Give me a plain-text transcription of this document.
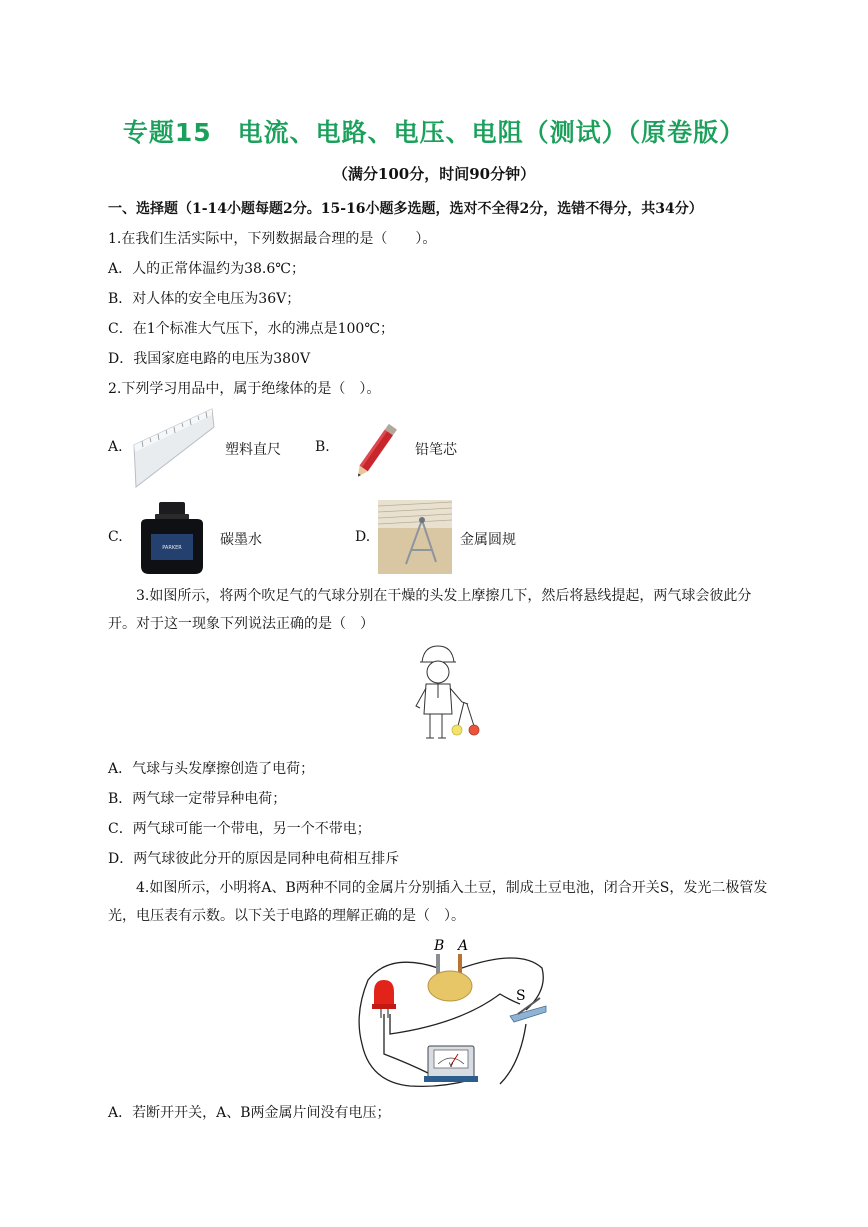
专题15　电流、电路、电压、电阻（测试）（原卷版）
（满分100分，时间90分钟）
一、选择题（1-14小题每题2分。15-16小题多选题，选对不全得2分，选错不得分，共34分）
1.在我们生活实际中，下列数据最合理的是（　　）。
A．人的正常体温约为38.6℃；
B．对人体的安全电压为36V；
C．在1个标准大气压下，水的沸点是100℃；
D．我国家庭电路的电压为380V
2.下列学习用品中，属于绝缘体的是（　）。
A.	塑料直尺 B.	铅笔芯
C.
PARKER	碳墨水	D.	金属圆规
3.如图所示，将两个吹足气的气球分别在干燥的头发上摩擦几下，然后将悬线提起，两气球会彼此分
开。对于这一现象下列说法正确的是（　）
A．气球与头发摩擦创造了电荷；
B．两气球一定带异种电荷；
C．两气球可能一个带电，另一个不带电；
D．两气球彼此分开的原因是同种电荷相互排斥
4.如图所示，小明将A、B两种不同的金属片分别插入土豆，制成土豆电池，闭合开关S，发光二极管发
光，电压表有示数。以下关于电路的理解正确的是（　）。
B A
S
V
A．若断开开关，A、B两金属片间没有电压；
